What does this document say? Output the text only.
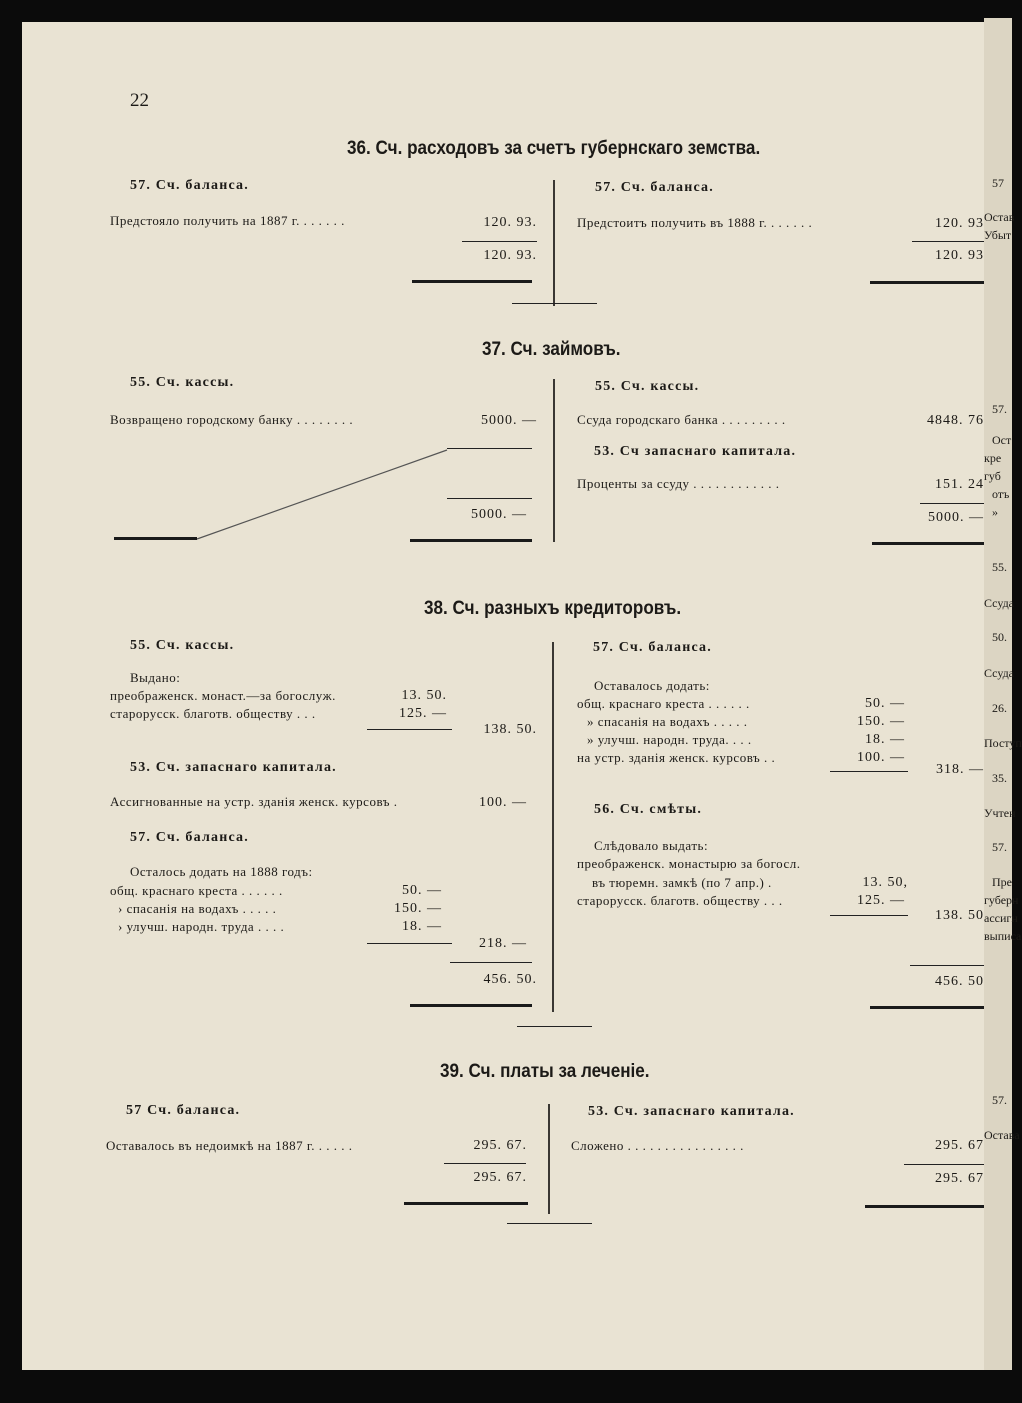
22
36. Сч. расходовъ за счетъ губернскаго земства.
57. Сч. баланса.
Предстояло получить на 1887 г. . . . . . .	120. 93.
120. 93.
57. Сч. баланса.
Предстоитъ получить въ 1888 г. . . . . . .	120. 93
120. 93
37. Сч. займовъ.
55. Сч. кассы.
Возвращено городскому банку . . . . . . . .	5000. —
5000. —
55. Сч. кассы.
Ссуда городскаго банка . . . . . . . . .	4848. 76
53. Сч запаснаго капитала.
Проценты за ссуду . . . . . . . . . . . .	151. 24
5000. —
38. Сч. разныхъ кредиторовъ.
55. Сч. кассы.
Выдано:
преображенск. монаст.—за богослуж.	13. 50.
старорусск. благотв. обществу . . .	125. —
138. 50.
53. Сч. запаснаго капитала.
Ассигнованные на устр. зданія женск. курсовъ .	100. —
57. Сч. баланса.
Осталось додать на 1888 годъ:
общ. краснаго креста . . . . . .	50. —
› спасанія на водахъ . . . . .	150. —
› улучш. народн. труда . . . .	18. —
218. —
456. 50.
57. Сч. баланса.
Оставалось додать:
общ. краснаго креста . . . . . .	50. —
» спасанія на водахъ . . . . .	150. —
» улучш. народн. труда. . . .	18. —
на устр. зданія женск. курсовъ . .	100. —
318. —
56. Сч. смѣты.
Слѣдовало выдать:
преображенск. монастырю за богосл.
въ тюремн. замкѣ (по 7 апр.) .	13. 50,
старорусск. благотв. обществу . . .	125. —
138. 50
456. 50
39. Сч. платы за леченіе.
57 Сч. баланса.
Оставалось въ недоимкѣ на 1887 г. . . . . .	295. 67.
295. 67.
53. Сч. запаснаго капитала.
Сложено . . . . . . . . . . . . . . . .	295. 67
295. 67
57
Остав
Убыт
57.
Ост
кре
губ
отъ
»
55.
Ссуда
50.
Ссуда
26.
Поступ
35.
Учтен
57.
Пре
губерн
ассигн
выписа
57.
Остава
